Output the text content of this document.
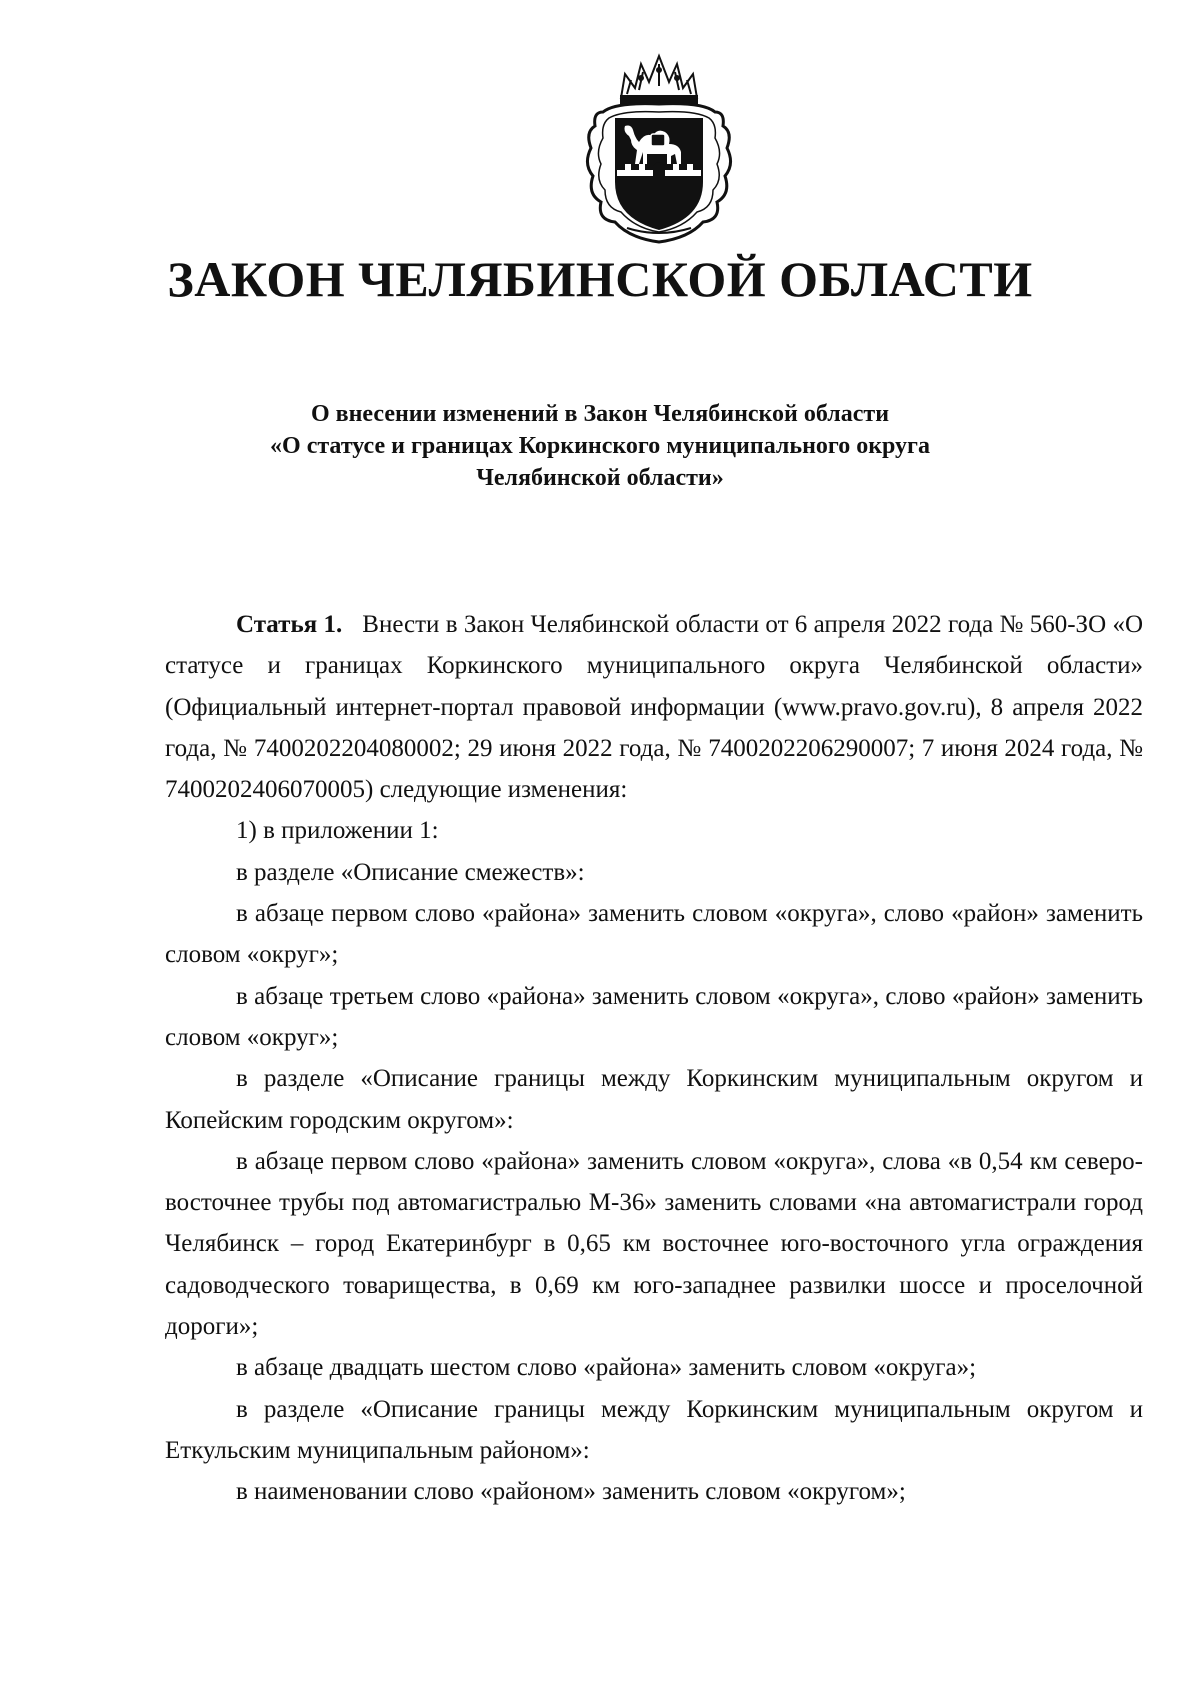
ЗАКОН ЧЕЛЯБИНСКОЙ ОБЛАСТИ
О внесении изменений в Закон Челябинской области
«О статусе и границах Коркинского муниципального округа
Челябинской области»

Статья 1. Внести в Закон Челябинской области от 6 апреля 2022 года № 560-ЗО «О статусе и границах Коркинского муниципального округа Челябинской области» (Официальный интернет-портал правовой информации (www.pravo.gov.ru), 8 апреля 2022 года, № 7400202204080002; 29 июня 2022 года, № 7400202206290007; 7 июня 2024 года, № 7400202406070005) следующие изменения:

1) в приложении 1:

в разделе «Описание смежеств»:

в абзаце первом слово «района» заменить словом «округа», слово «район» заменить словом «округ»;

в абзаце третьем слово «района» заменить словом «округа», слово «район» заменить словом «округ»;

в разделе «Описание границы между Коркинским муниципальным округом и Копейским городским округом»:

в абзаце первом слово «района» заменить словом «округа», слова «в 0,54 км северо-восточнее трубы под автомагистралью М-36» заменить словами «на автомагистрали город Челябинск – город Екатеринбург в 0,65 км восточнее юго-восточного угла ограждения садоводческого товарищества, в 0,69 км юго-западнее развилки шоссе и проселочной дороги»;

в абзаце двадцать шестом слово «района» заменить словом «округа»;

в разделе «Описание границы между Коркинским муниципальным округом и Еткульским муниципальным районом»:

в наименовании слово «районом» заменить словом «округом»;
